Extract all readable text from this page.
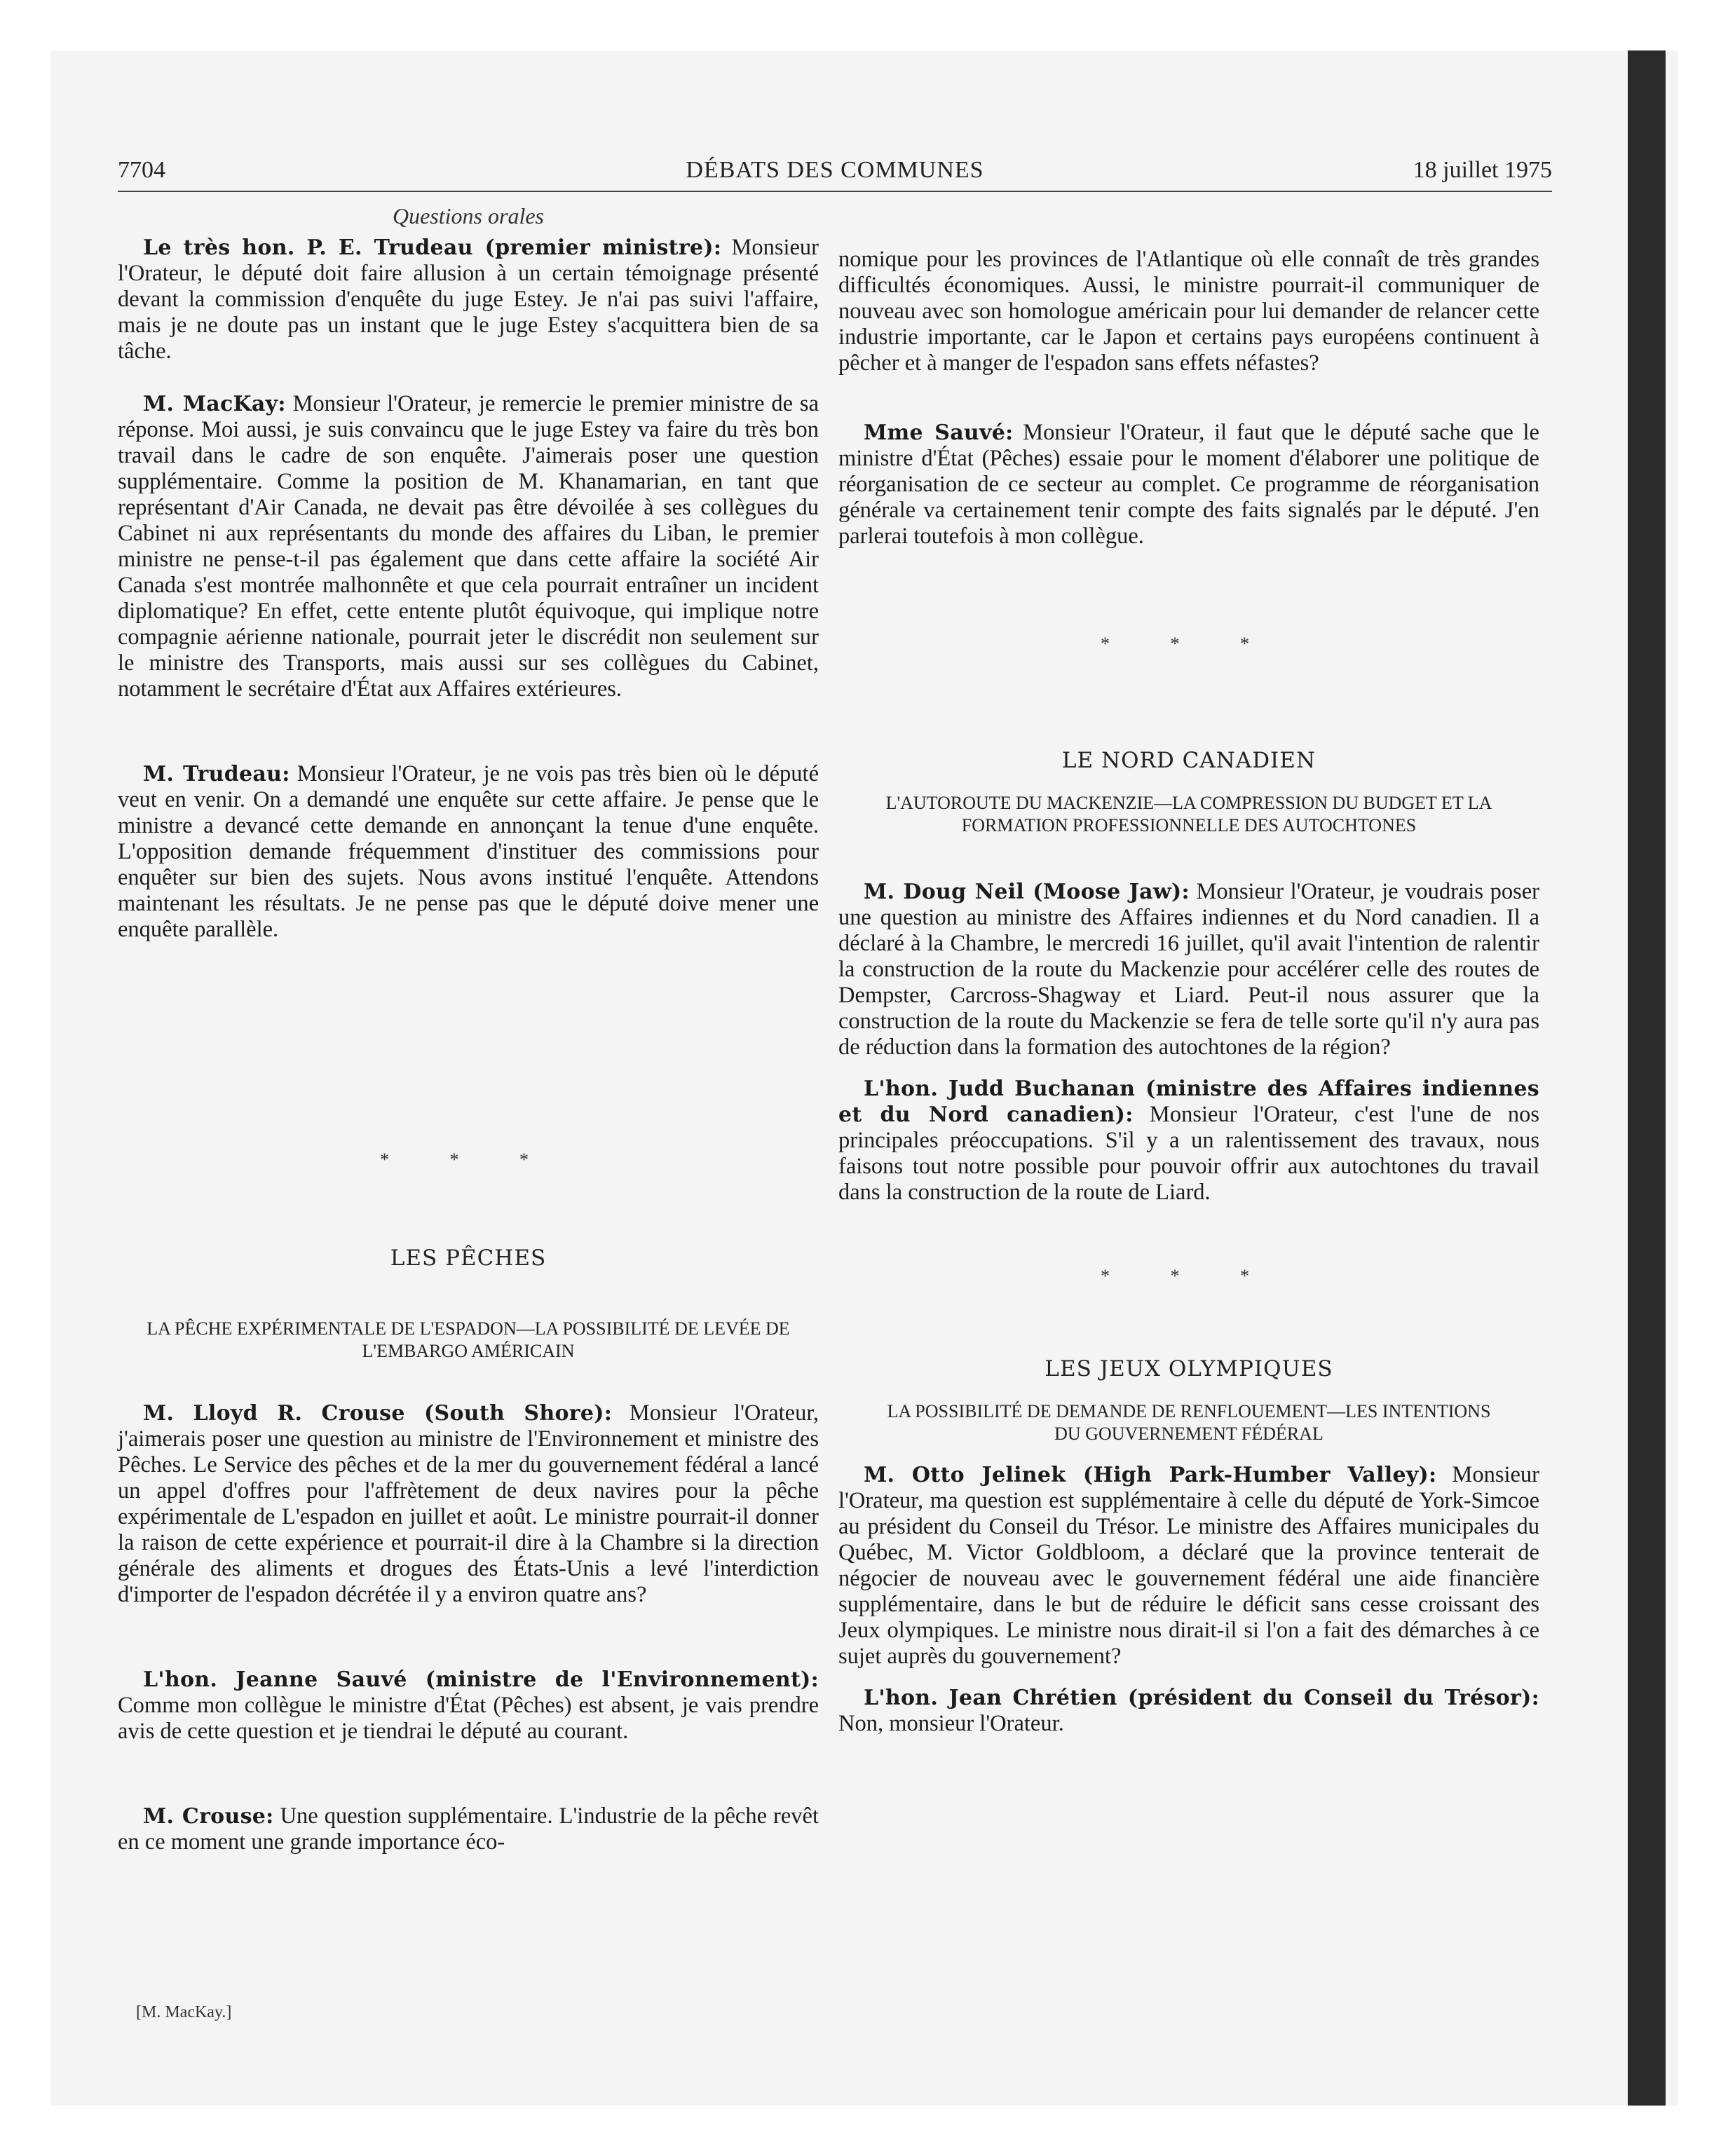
7704	DÉBATS DES COMMUNES	18 juillet 1975
Questions orales

Le très hon. P. E. Trudeau (premier ministre): Monsieur l'Orateur, le député doit faire allusion à un certain témoignage présenté devant la commission d'enquête du juge Estey. Je n'ai pas suivi l'affaire, mais je ne doute pas un instant que le juge Estey s'acquittera bien de sa tâche.

M. MacKay: Monsieur l'Orateur, je remercie le premier ministre de sa réponse. Moi aussi, je suis convaincu que le juge Estey va faire du très bon travail dans le cadre de son enquête. J'aimerais poser une question supplémentaire. Comme la position de M. Khanamarian, en tant que représentant d'Air Canada, ne devait pas être dévoilée à ses collègues du Cabinet ni aux représentants du monde des affaires du Liban, le premier ministre ne pense-t-il pas également que dans cette affaire la société Air Canada s'est montrée malhonnête et que cela pourrait entraîner un incident diplomatique? En effet, cette entente plutôt équivoque, qui implique notre compagnie aérienne nationale, pourrait jeter le discrédit non seulement sur le ministre des Transports, mais aussi sur ses collègues du Cabinet, notamment le secrétaire d'État aux Affaires extérieures.

M. Trudeau: Monsieur l'Orateur, je ne vois pas très bien où le député veut en venir. On a demandé une enquête sur cette affaire. Je pense que le ministre a devancé cette demande en annonçant la tenue d'une enquête. L'opposition demande fréquemment d'instituer des commissions pour enquêter sur bien des sujets. Nous avons institué l'enquête. Attendons maintenant les résultats. Je ne pense pas que le député doive mener une enquête parallèle.

* * *
LES PÊCHES
LA PÊCHE EXPÉRIMENTALE DE L'ESPADON—LA POSSIBILITÉ DE LEVÉE DE L'EMBARGO AMÉRICAIN

M. Lloyd R. Crouse (South Shore): Monsieur l'Orateur, j'aimerais poser une question au ministre de l'Environnement et ministre des Pêches. Le Service des pêches et de la mer du gouvernement fédéral a lancé un appel d'offres pour l'affrètement de deux navires pour la pêche expérimentale de L'espadon en juillet et août. Le ministre pourrait-il donner la raison de cette expérience et pourrait-il dire à la Chambre si la direction générale des aliments et drogues des États-Unis a levé l'interdiction d'importer de l'espadon décrétée il y a environ quatre ans?

L'hon. Jeanne Sauvé (ministre de l'Environnement): Comme mon collègue le ministre d'État (Pêches) est absent, je vais prendre avis de cette question et je tiendrai le député au courant.

M. Crouse: Une question supplémentaire. L'industrie de la pêche revêt en ce moment une grande importance éco-

[M. MacKay.]

nomique pour les provinces de l'Atlantique où elle connaît de très grandes difficultés économiques. Aussi, le ministre pourrait-il communiquer de nouveau avec son homologue américain pour lui demander de relancer cette industrie importante, car le Japon et certains pays européens continuent à pêcher et à manger de l'espadon sans effets néfastes?

Mme Sauvé: Monsieur l'Orateur, il faut que le député sache que le ministre d'État (Pêches) essaie pour le moment d'élaborer une politique de réorganisation de ce secteur au complet. Ce programme de réorganisation générale va certainement tenir compte des faits signalés par le député. J'en parlerai toutefois à mon collègue.

* * *
LE NORD CANADIEN
L'AUTOROUTE DU MACKENZIE—LA COMPRESSION DU BUDGET ET LA FORMATION PROFESSIONNELLE DES AUTOCHTONES

M. Doug Neil (Moose Jaw): Monsieur l'Orateur, je voudrais poser une question au ministre des Affaires indiennes et du Nord canadien. Il a déclaré à la Chambre, le mercredi 16 juillet, qu'il avait l'intention de ralentir la construction de la route du Mackenzie pour accélérer celle des routes de Dempster, Carcross-Shagway et Liard. Peut-il nous assurer que la construction de la route du Mackenzie se fera de telle sorte qu'il n'y aura pas de réduction dans la formation des autochtones de la région?

L'hon. Judd Buchanan (ministre des Affaires indiennes et du Nord canadien): Monsieur l'Orateur, c'est l'une de nos principales préoccupations. S'il y a un ralentissement des travaux, nous faisons tout notre possible pour pouvoir offrir aux autochtones du travail dans la construction de la route de Liard.

* * *
LES JEUX OLYMPIQUES
LA POSSIBILITÉ DE DEMANDE DE RENFLOUEMENT—LES INTENTIONS DU GOUVERNEMENT FÉDÉRAL

M. Otto Jelinek (High Park-Humber Valley): Monsieur l'Orateur, ma question est supplémentaire à celle du député de York-Simcoe au président du Conseil du Trésor. Le ministre des Affaires municipales du Québec, M. Victor Goldbloom, a déclaré que la province tenterait de négocier de nouveau avec le gouvernement fédéral une aide financière supplémentaire, dans le but de réduire le déficit sans cesse croissant des Jeux olympiques. Le ministre nous dirait-il si l'on a fait des démarches à ce sujet auprès du gouvernement?

L'hon. Jean Chrétien (président du Conseil du Trésor): Non, monsieur l'Orateur.
